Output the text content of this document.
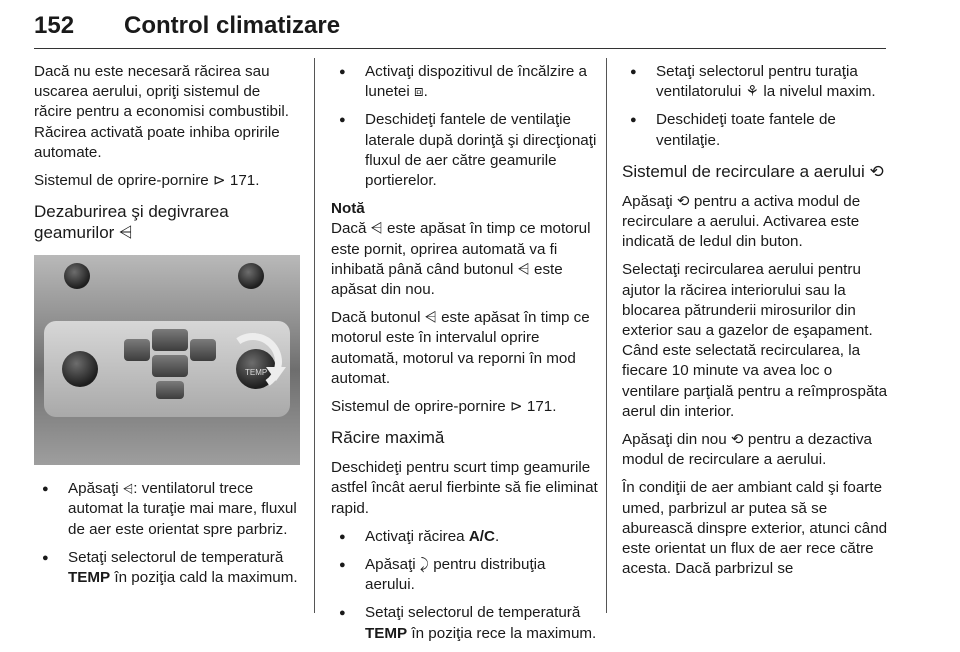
152 Control climatizare

Dacă nu este necesară răcirea sau uscarea aerului, opriţi sistemul de răcire pentru a economisi combustibil. Răcirea activată poate inhiba opririle automate.

Sistemul de oprire-pornire ⊳ 171.

Dezaburirea şi degivrarea geamurilor ⩤
TEMP
● Apăsaţi ⩤: ventilatorul trece automat la turaţie mai mare, fluxul de aer este orientat spre parbriz.
● Setaţi selectorul de temperatură TEMP în poziţia cald la maximum.
● Activaţi dispozitivul de încălzire a lunetei ⧈.
● Deschideţi fantele de ventilaţie laterale după dorinţă şi direcţionaţi fluxul de aer către geamurile portierelor.

Notă

Dacă ⩤ este apăsat în timp ce motorul este pornit, oprirea automată va fi inhibată până când butonul ⩤ este apăsat din nou.

Dacă butonul ⩤ este apăsat în timp ce motorul este în intervalul oprire automată, motorul va reporni în mod automat.

Sistemul de oprire-pornire ⊳ 171.

Răcire maximă

Deschideţi pentru scurt timp geamurile astfel încât aerul fierbinte să fie eliminat rapid.

● Activaţi răcirea A/C.
● Apăsaţi ⤸ pentru distribuţia aerului.
● Setaţi selectorul de temperatură TEMP în poziţia rece la maximum.
● Setaţi selectorul pentru turaţia ventilatorului ⚘ la nivelul maxim.
● Deschideţi toate fantele de ventilaţie.
Sistemul de recirculare a aerului ⟲

Apăsaţi ⟲ pentru a activa modul de recirculare a aerului. Activarea este indicată de ledul din buton.

Selectaţi recircularea aerului pentru ajutor la răcirea interiorului sau la blocarea pătrunderii mirosurilor din exterior sau a gazelor de eşapament. Când este selectată recircularea, la fiecare 10 minute va avea loc o ventilare parţială pentru a reîmprospăta aerul din interior.

Apăsaţi din nou ⟲ pentru a dezactiva modul de recirculare a aerului.

În condiţii de aer ambiant cald şi foarte umed, parbrizul ar putea să se aburească dinspre exterior, atunci când este orientat un flux de aer rece către acesta. Dacă parbrizul se
